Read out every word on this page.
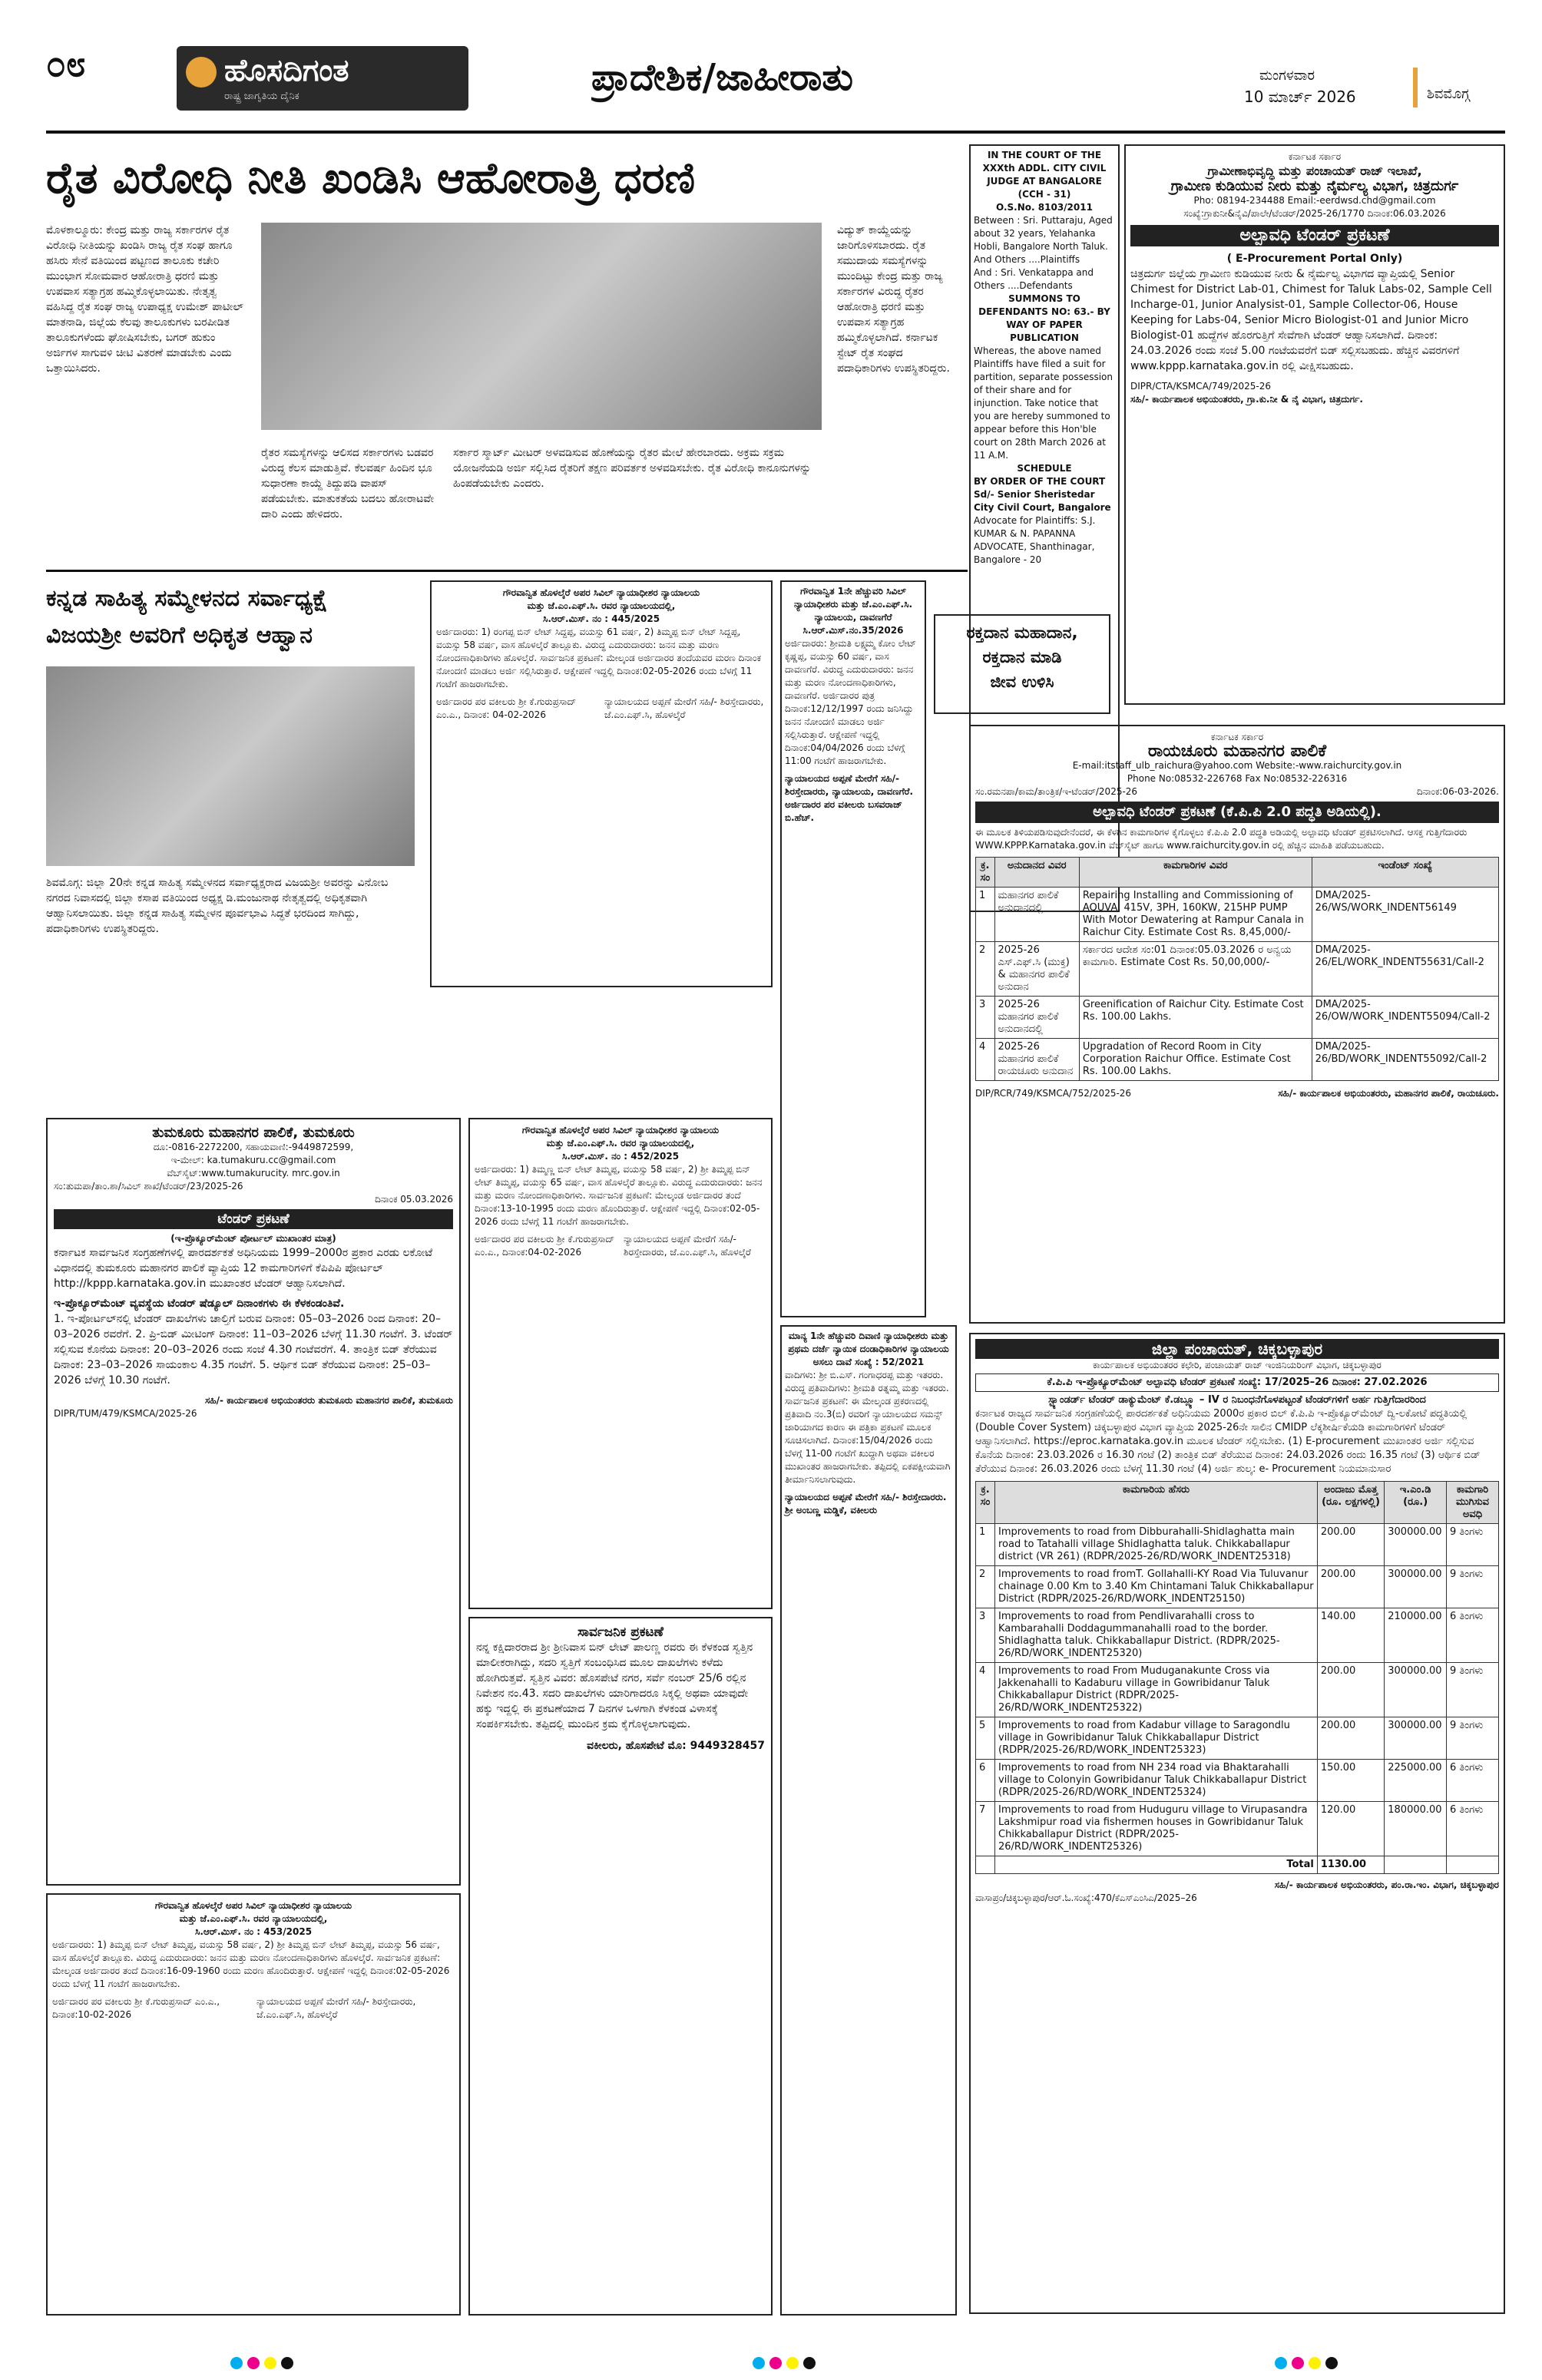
೦೮	ಹೊಸದಿಗಂತ
ರಾಷ್ಟ್ರ ಜಾಗೃತಿಯ ದೈನಿಕ	ಪ್ರಾದೇಶಿಕ/ಜಾಹೀರಾತು	ಮಂಗಳವಾರ
10 ಮಾರ್ಚ್ 2026	ಶಿವಮೊಗ್ಗ
ರೈತ ವಿರೋಧಿ ನೀತಿ ಖಂಡಿಸಿ ಆಹೋರಾತ್ರಿ ಧರಣಿ
ಮೊಳಕಾಲ್ಮೂರು: ಕೇಂದ್ರ ಮತ್ತು ರಾಜ್ಯ ಸರ್ಕಾರಗಳ ರೈತ ವಿರೋಧಿ ನೀತಿಯನ್ನು ಖಂಡಿಸಿ ರಾಜ್ಯ ರೈತ ಸಂಘ ಹಾಗೂ ಹಸಿರು ಸೇನೆ ವತಿಯಿಂದ ಪಟ್ಟಣದ ತಾಲೂಕು ಕಚೇರಿ ಮುಂಭಾಗ ಸೋಮವಾರ ಆಹೋರಾತ್ರಿ ಧರಣಿ ಮತ್ತು ಉಪವಾಸ ಸತ್ಯಾಗ್ರಹ ಹಮ್ಮಿಕೊಳ್ಳಲಾಯಿತು. ನೇತೃತ್ವ ವಹಿಸಿದ್ದ ರೈತ ಸಂಘ ರಾಜ್ಯ ಉಪಾಧ್ಯಕ್ಷ ಉಮೇಶ್ ಪಾಟೀಲ್ ಮಾತನಾಡಿ, ಜಿಲ್ಲೆಯ ಕೆಲವು ತಾಲೂಕುಗಳು ಬರಪೀಡಿತ ತಾಲೂಕುಗಳೆಂದು ಘೋಷಿಸಬೇಕು, ಬಗರ್ ಹುಕುಂ ಅರ್ಜಿಗಳ ಸಾಗುವಳಿ ಚೀಟಿ ವಿತರಣೆ ಮಾಡಬೇಕು ಎಂದು ಒತ್ತಾಯಿಸಿದರು.
ರೈತರ ಸಮಸ್ಯೆಗಳನ್ನು ಆಲಿಸದ ಸರ್ಕಾರಗಳು ಬಡವರ ವಿರುದ್ಧ ಕೆಲಸ ಮಾಡುತ್ತಿವೆ. ಕೆಲವರ್ಷ ಹಿಂದಿನ ಭೂ ಸುಧಾರಣಾ ಕಾಯ್ದೆ ತಿದ್ದುಪಡಿ ವಾಪಸ್ ಪಡೆಯಬೇಕು. ಮಾತುಕತೆಯ ಬದಲು ಹೋರಾಟವೇ ದಾರಿ ಎಂದು ಹೇಳಿದರು.
ಸರ್ಕಾರ ಸ್ಮಾರ್ಟ್ ಮೀಟರ್ ಅಳವಡಿಸುವ ಹೊಣೆಯನ್ನು ರೈತರ ಮೇಲೆ ಹೇರಬಾರದು. ಅಕ್ರಮ ಸಕ್ರಮ ಯೋಜನೆಯಡಿ ಅರ್ಜಿ ಸಲ್ಲಿಸಿದ ರೈತರಿಗೆ ತಕ್ಷಣ ಪರಿವರ್ತಕ ಅಳವಡಿಸಬೇಕು. ರೈತ ವಿರೋಧಿ ಕಾನೂನುಗಳನ್ನು ಹಿಂಪಡೆಯಬೇಕು ಎಂದರು.
ವಿದ್ಯುತ್ ಕಾಯ್ದೆಯನ್ನು ಜಾರಿಗೊಳಿಸಬಾರದು. ರೈತ ಸಮುದಾಯ ಸಮಸ್ಯೆಗಳನ್ನು ಮುಂದಿಟ್ಟು ಕೇಂದ್ರ ಮತ್ತು ರಾಜ್ಯ ಸರ್ಕಾರಗಳ ವಿರುದ್ಧ ರೈತರ ಆಹೋರಾತ್ರಿ ಧರಣಿ ಮತ್ತು ಉಪವಾಸ ಸತ್ಯಾಗ್ರಹ ಹಮ್ಮಿಕೊಳ್ಳಲಾಗಿದೆ. ಕರ್ನಾಟಕ ಸ್ಟೇಟ್ ರೈತ ಸಂಘದ ಪದಾಧಿಕಾರಿಗಳು ಉಪಸ್ಥಿತರಿದ್ದರು.
IN THE COURT OF THE XXXth ADDL. CITY CIVIL JUDGE AT BANGALORE (CCH - 31)
O.S.No. 8103/2011
Between : Sri. Puttaraju, Aged about 32 years, Yelahanka Hobli, Bangalore North Taluk. And Others ....Plaintiffs
And : Sri. Venkatappa and Others ....Defendants
SUMMONS TO DEFENDANTS NO: 63.- BY WAY OF PAPER PUBLICATION
Whereas, the above named Plaintiffs have filed a suit for partition, separate possession of their share and for injunction. Take notice that you are hereby summoned to appear before this Hon'ble court on 28th March 2026 at 11 A.M.
SCHEDULE
BY ORDER OF THE COURT Sd/- Senior Sheristedar City Civil Court, Bangalore
Advocate for Plaintiffs: S.J. KUMAR & N. PAPANNA ADVOCATE, Shanthinagar, Bangalore - 20
ಕರ್ನಾಟಕ ಸರ್ಕಾರ
ಗ್ರಾಮೀಣಾಭಿವೃದ್ಧಿ ಮತ್ತು ಪಂಚಾಯತ್ ರಾಜ್ ಇಲಾಖೆ,
ಗ್ರಾಮೀಣ ಕುಡಿಯುವ ನೀರು ಮತ್ತು ನೈರ್ಮಲ್ಯ ವಿಭಾಗ, ಚಿತ್ರದುರ್ಗ
Pho: 08194-234488 Email:-eerdwsd.chd@gmail.com
ಸಂಖ್ಯೆ:ಗ್ರಾಕುನೀ&ನೈವಿ/ಪಾಲೇ/ಟೆಂಡರ್/2025-26/1770 ದಿನಾಂಕ:06.03.2026
ಅಲ್ಪಾವಧಿ ಟೆಂಡರ್ ಪ್ರಕಟಣೆ
( E-Procurement Portal Only)
ಚಿತ್ರದುರ್ಗ ಜಿಲ್ಲೆಯ ಗ್ರಾಮೀಣ ಕುಡಿಯುವ ನೀರು & ನೈರ್ಮಲ್ಯ ವಿಭಾಗದ ವ್ಯಾಪ್ತಿಯಲ್ಲಿ Senior Chimest for District Lab-01, Chimest for Taluk Labs-02, Sample Cell Incharge-01, Junior Analysist-01, Sample Collector-06, House Keeping for Labs-04, Senior Micro Biologist-01 and Junior Micro Biologist-01 ಹುದ್ದೆಗಳ ಹೊರಗುತ್ತಿಗೆ ಸೇವೆಗಾಗಿ ಟೆಂಡರ್ ಆಹ್ವಾನಿಸಲಾಗಿದೆ. ದಿನಾಂಕ: 24.03.2026 ರಂದು ಸಂಜೆ 5.00 ಗಂಟೆಯವರೆಗೆ ಬಿಡ್ ಸಲ್ಲಿಸಬಹುದು. ಹೆಚ್ಚಿನ ವಿವರಗಳಿಗೆ www.kppp.karnataka.gov.in ರಲ್ಲಿ ವೀಕ್ಷಿಸಬಹುದು.
DIPR/CTA/KSMCA/749/2025-26
ಸಹಿ/- ಕಾರ್ಯಪಾಲಕ ಅಭಿಯಂತರರು, ಗ್ರಾ.ಕು.ನೀ & ನೈ ವಿಭಾಗ, ಚಿತ್ರದುರ್ಗ.
ಕನ್ನಡ ಸಾಹಿತ್ಯ ಸಮ್ಮೇಳನದ ಸರ್ವಾಧ್ಯಕ್ಷೆ
ವಿಜಯಶ್ರೀ ಅವರಿಗೆ ಅಧಿಕೃತ ಆಹ್ವಾನ
ಶಿವಮೊಗ್ಗ: ಜಿಲ್ಲಾ 20ನೇ ಕನ್ನಡ ಸಾಹಿತ್ಯ ಸಮ್ಮೇಳನದ ಸರ್ವಾಧ್ಯಕ್ಷರಾದ ವಿಜಯಶ್ರೀ ಅವರನ್ನು ವಿನೋಬ ನಗರದ ನಿವಾಸದಲ್ಲಿ ಜಿಲ್ಲಾ ಕಸಾಪ ವತಿಯಿಂದ ಅಧ್ಯಕ್ಷ ಡಿ.ಮಂಜುನಾಥ ನೇತೃತ್ವದಲ್ಲಿ ಅಧಿಕೃತವಾಗಿ ಆಹ್ವಾನಿಸಲಾಯಿತು. ಜಿಲ್ಲಾ ಕನ್ನಡ ಸಾಹಿತ್ಯ ಸಮ್ಮೇಳನ ಪೂರ್ವಭಾವಿ ಸಿದ್ಧತೆ ಭರದಿಂದ ಸಾಗಿದ್ದು, ಪದಾಧಿಕಾರಿಗಳು ಉಪಸ್ಥಿತರಿದ್ದರು.
ಗೌರವಾನ್ವಿತ ಹೊಳಲ್ಕೆರೆ ಅಪರ ಸಿವಿಲ್ ನ್ಯಾಯಾಧೀಶರ ನ್ಯಾಯಾಲಯ
ಮತ್ತು ಜೆ.ಎಂ.ಎಫ್.ಸಿ. ರವರ ನ್ಯಾಯಾಲಯದಲ್ಲಿ,
ಸಿ.ಆರ್.ಮಿಸ್. ನಂ : 445/2025
ಅರ್ಜಿದಾರರು: 1) ರಂಗಪ್ಪ ಬಿನ್ ಲೇಟ್ ಸಿದ್ದಪ್ಪ, ವಯಸ್ಸು 61 ವರ್ಷ, 2) ತಿಮ್ಮಪ್ಪ ಬಿನ್ ಲೇಟ್ ಸಿದ್ದಪ್ಪ, ವಯಸ್ಸು 58 ವರ್ಷ, ವಾಸ ಹೊಳಲ್ಕೆರೆ ತಾಲ್ಲೂಕು. ವಿರುದ್ಧ ಎದುರುದಾರರು: ಜನನ ಮತ್ತು ಮರಣ ನೋಂದಣಾಧಿಕಾರಿಗಳು ಹೊಳಲ್ಕೆರೆ. ಸಾರ್ವಜನಿಕ ಪ್ರಕಟಣೆ: ಮೇಲ್ಕಂಡ ಅರ್ಜಿದಾರರ ತಂದೆಯವರ ಮರಣ ದಿನಾಂಕ ನೋಂದಣಿ ಮಾಡಲು ಅರ್ಜಿ ಸಲ್ಲಿಸಿರುತ್ತಾರೆ. ಆಕ್ಷೇಪಣೆ ಇದ್ದಲ್ಲಿ ದಿನಾಂಕ:02-05-2026 ರಂದು ಬೆಳಗ್ಗೆ 11 ಗಂಟೆಗೆ ಹಾಜರಾಗಬೇಕು.
ಅರ್ಜಿದಾರರ ಪರ ವಕೀಲರು ಶ್ರೀ ಕೆ.ಗುರುಪ್ರಸಾದ್ ಎಂ.ಎ., ದಿನಾಂಕ: 04-02-2026
ನ್ಯಾಯಾಲಯದ ಅಪ್ಪಣೆ ಮೇರೆಗೆ ಸಹಿ/- ಶಿರಸ್ತೇದಾರರು, ಜೆ.ಎಂ.ಎಫ್.ಸಿ, ಹೊಳಲ್ಕೆರೆ
ಗೌರವಾನ್ವಿತ 1ನೇ ಹೆಚ್ಚುವರಿ ಸಿವಿಲ್ ನ್ಯಾಯಾಧೀಶರು ಮತ್ತು ಜೆ.ಎಂ.ಎಫ್.ಸಿ. ನ್ಯಾಯಾಲಯ, ದಾವಣಗೆರೆ
ಸಿ.ಆರ್.ಮಿಸ್.ನಂ.35/2026
ಅರ್ಜಿದಾರರು: ಶ್ರೀಮತಿ ಲಕ್ಷ್ಮಮ್ಮ ಕೋಂ ಲೇಟ್ ಕೃಷ್ಣಪ್ಪ, ವಯಸ್ಸು 60 ವರ್ಷ, ವಾಸ ದಾವಣಗೆರೆ. ವಿರುದ್ಧ ಎದುರುದಾರರು: ಜನನ ಮತ್ತು ಮರಣ ನೋಂದಣಾಧಿಕಾರಿಗಳು, ದಾವಣಗೆರೆ. ಅರ್ಜಿದಾರರ ಪುತ್ರ ದಿನಾಂಕ:12/12/1997 ರಂದು ಜನಿಸಿದ್ದು ಜನನ ನೋಂದಣಿ ಮಾಡಲು ಅರ್ಜಿ ಸಲ್ಲಿಸಿರುತ್ತಾರೆ. ಆಕ್ಷೇಪಣೆ ಇದ್ದಲ್ಲಿ ದಿನಾಂಕ:04/04/2026 ರಂದು ಬೆಳಗ್ಗೆ 11:00 ಗಂಟೆಗೆ ಹಾಜರಾಗಬೇಕು.
ನ್ಯಾಯಾಲಯದ ಅಪ್ಪಣೆ ಮೇರೆಗೆ ಸಹಿ/- ಶಿರಸ್ತೇದಾರರು, ನ್ಯಾಯಾಲಯ, ದಾವಣಗೆರೆ. ಅರ್ಜಿದಾರರ ಪರ ವಕೀಲರು ಬಸವರಾಜ್ ಬಿ.ಹೆಚ್.
ರಕ್ತದಾನ ಮಹಾದಾನ,
ರಕ್ತದಾನ ಮಾಡಿ
ಜೀವ ಉಳಿಸಿ
ಕರ್ನಾಟಕ ಸರ್ಕಾರ
ರಾಯಚೂರು ಮಹಾನಗರ ಪಾಲಿಕೆ
E-mail:itstaff_ulb_raichura@yahoo.com Website:-www.raichurcity.gov.in
Phone No:08532-226768 Fax No:08532-226316
ಸಂ.ರಮನಪಾ/ಕಾಮ/ತಾಂತ್ರಿಕ/ಇ-ಟೆಂಡರ್/2025-26	ದಿನಾಂಕ:06-03-2026.
ಅಲ್ಪಾವಧಿ ಟೆಂಡರ್ ಪ್ರಕಟಣೆ (ಕೆ.ಪಿ.ಪಿ 2.0 ಪದ್ಧತಿ ಅಡಿಯಲ್ಲಿ).
ಈ ಮೂಲಕ ತಿಳಿಯಪಡಿಸುವುದೇನೆಂದರೆ, ಈ ಕೆಳಗಿನ ಕಾಮಗಾರಿಗಳ ಕೈಗೊಳ್ಳಲು ಕೆ.ಪಿ.ಪಿ 2.0 ಪದ್ಧತಿ ಅಡಿಯಲ್ಲಿ ಅಲ್ಪಾವಧಿ ಟೆಂಡರ್ ಪ್ರಕಟಿಸಲಾಗಿದೆ. ಆಸಕ್ತ ಗುತ್ತಿಗೆದಾರರು WWW.KPPP.Karnataka.gov.in ವೆಬ್‌ಸೈಟ್ ಹಾಗೂ www.raichurcity.gov.in ರಲ್ಲಿ ಹೆಚ್ಚಿನ ಮಾಹಿತಿ ಪಡೆಯಬಹುದು.
ಕ್ರ. ಸಂ	ಅನುದಾನದ ವಿವರ	ಕಾಮಗಾರಿಗಳ ವಿವರ	ಇಂಡೆಂಟ್ ಸಂಖ್ಯೆ
1	ಮಹಾನಗರ ಪಾಲಿಕೆ ಅನುದಾನದಲ್ಲಿ	Repairing Installing and Commissioning of AQUVA, 415V, 3PH, 160KW, 215HP PUMP With Motor Dewatering at Rampur Canala in Raichur City. Estimate Cost Rs. 8,45,000/-	DMA/2025-26/WS/WORK_INDENT56149
2	2025-26 ಎಸ್.ಎಫ್.ಸಿ (ಮುಕ್ತ) & ಮಹಾನಗರ ಪಾಲಿಕೆ ಅನುದಾನ	ಸರ್ಕಾರದ ಆದೇಶ ಸಂ:01 ದಿನಾಂಕ:05.03.2026 ರ ಅನ್ವಯ ಕಾಮಗಾರಿ. Estimate Cost Rs. 50,00,000/-	DMA/2025-26/EL/WORK_INDENT55631/Call-2
3	2025-26 ಮಹಾನಗರ ಪಾಲಿಕೆ ಅನುದಾನದಲ್ಲಿ	Greenification of Raichur City. Estimate Cost Rs. 100.00 Lakhs.	DMA/2025-26/OW/WORK_INDENT55094/Call-2
4	2025-26 ಮಹಾನಗರ ಪಾಲಿಕೆ ರಾಯಚೂರು ಅನುದಾನ	Upgradation of Record Room in City Corporation Raichur Office. Estimate Cost Rs. 100.00 Lakhs.	DMA/2025-26/BD/WORK_INDENT55092/Call-2
DIP/RCR/749/KSMCA/752/2025-26	ಸಹಿ/- ಕಾರ್ಯಪಾಲಕ ಅಭಿಯಂತರರು, ಮಹಾನಗರ ಪಾಲಿಕೆ, ರಾಯಚೂರು.
ತುಮಕೂರು ಮಹಾನಗರ ಪಾಲಿಕೆ, ತುಮಕೂರು
ದೂ:-0816-2272200, ಸಹಾಯವಾಣಿ:-9449872599,
ಇ-ಮೇಲ್: ka.tumakuru.cc@gmail.com
ವೆಬ್‌ಸೈಟ್:www.tumakurucity. mrc.gov.in
ಸಂ:ತುಮಪಾ/ತಾಂ.ಶಾ/ಸಿವಿಲ್ ಶಾಖೆ/ಟೆಂಡರ್/23/2025-26
ದಿನಾಂಕ 05.03.2026
ಟೆಂಡರ್ ಪ್ರಕಟಣೆ
(ಇ-ಪ್ರೊಕ್ಯೂರ್‌ಮೆಂಟ್ ಪೋರ್ಟಲ್ ಮುಖಾಂತರ ಮಾತ್ರ)
ಕರ್ನಾಟಕ ಸಾರ್ವಜನಿಕ ಸಂಗ್ರಹಣೆಗಳಲ್ಲಿ ಪಾರದರ್ಶಕತೆ ಅಧಿನಿಯಮ 1999–2000ರ ಪ್ರಕಾರ ಎರಡು ಲಕೋಟೆ ವಿಧಾನದಲ್ಲಿ ತುಮಕೂರು ಮಹಾನಗರ ಪಾಲಿಕೆ ವ್ಯಾಪ್ತಿಯ 12 ಕಾಮಗಾರಿಗಳಿಗೆ ಕೆಪಿಪಿಪಿ ಪೋರ್ಟಲ್ http://kppp.karnataka.gov.in ಮುಖಾಂತರ ಟೆಂಡರ್ ಆಹ್ವಾನಿಸಲಾಗಿದೆ.
ಇ-ಪ್ರೊಕ್ಯೂರ್‌ಮೆಂಟ್ ವ್ಯವಸ್ಥೆಯ ಟೆಂಡರ್ ಷೆಡ್ಯೂಲ್ ದಿನಾಂಕಗಳು ಈ ಕೆಳಕಂಡಂತಿವೆ.
1. ಇ-ಪೋರ್ಟಲ್‌ನಲ್ಲಿ ಟೆಂಡರ್ ದಾಖಲೆಗಳು ಚಾಲ್ತಿಗೆ ಬರುವ ದಿನಾಂಕ: 05–03–2026 ರಿಂದ ದಿನಾಂಕ: 20–03–2026 ರವರೆಗೆ. 2. ಪ್ರಿ-ಬಿಡ್ ಮೀಟಿಂಗ್ ದಿನಾಂಕ: 11–03–2026 ಬೆಳಗ್ಗೆ 11.30 ಗಂಟೆಗೆ. 3. ಟೆಂಡರ್ ಸಲ್ಲಿಸುವ ಕೊನೆಯ ದಿನಾಂಕ: 20–03–2026 ರಂದು ಸಂಜೆ 4.30 ಗಂಟೆವರೆಗೆ. 4. ತಾಂತ್ರಿಕ ಬಿಡ್ ತೆರೆಯುವ ದಿನಾಂಕ: 23–03–2026 ಸಾಯಂಕಾಲ 4.35 ಗಂಟೆಗೆ. 5. ಆರ್ಥಿಕ ಬಿಡ್ ತೆರೆಯುವ ದಿನಾಂಕ: 25–03–2026 ಬೆಳಗ್ಗೆ 10.30 ಗಂಟೆಗೆ.
ಸಹಿ/- ಕಾರ್ಯಪಾಲಕ ಅಭಿಯಂತರರು ತುಮಕೂರು ಮಹಾನಗರ ಪಾಲಿಕೆ, ತುಮಕೂರು
DIPR/TUM/479/KSMCA/2025-26
ಗೌರವಾನ್ವಿತ ಹೊಳಲ್ಕೆರೆ ಅಪರ ಸಿವಿಲ್ ನ್ಯಾಯಾಧೀಶರ ನ್ಯಾಯಾಲಯ
ಮತ್ತು ಜೆ.ಎಂ.ಎಫ್.ಸಿ. ರವರ ನ್ಯಾಯಾಲಯದಲ್ಲಿ,
ಸಿ.ಆರ್.ಮಿಸ್. ನಂ : 452/2025
ಅರ್ಜಿದಾರರು: 1) ತಿಮ್ಮಣ್ಣ ಬಿನ್ ಲೇಟ್ ತಿಮ್ಮಪ್ಪ, ವಯಸ್ಸು 58 ವರ್ಷ, 2) ಶ್ರೀ ತಿಮ್ಮಪ್ಪ ಬಿನ್ ಲೇಟ್ ತಿಮ್ಮಪ್ಪ, ವಯಸ್ಸು 65 ವರ್ಷ, ವಾಸ ಹೊಳಲ್ಕೆರೆ ತಾಲ್ಲೂಕು. ವಿರುದ್ಧ ಎದುರುದಾರರು: ಜನನ ಮತ್ತು ಮರಣ ನೋಂದಣಾಧಿಕಾರಿಗಳು. ಸಾರ್ವಜನಿಕ ಪ್ರಕಟಣೆ: ಮೇಲ್ಕಂಡ ಅರ್ಜಿದಾರರ ತಂದೆ ದಿನಾಂಕ:13-10-1995 ರಂದು ಮರಣ ಹೊಂದಿರುತ್ತಾರೆ. ಆಕ್ಷೇಪಣೆ ಇದ್ದಲ್ಲಿ ದಿನಾಂಕ:02-05-2026 ರಂದು ಬೆಳಗ್ಗೆ 11 ಗಂಟೆಗೆ ಹಾಜರಾಗಬೇಕು.
ಅರ್ಜಿದಾರರ ಪರ ವಕೀಲರು ಶ್ರೀ ಕೆ.ಗುರುಪ್ರಸಾದ್ ಎಂ.ಎ., ದಿನಾಂಕ:04-02-2026
ನ್ಯಾಯಾಲಯದ ಅಪ್ಪಣೆ ಮೇರೆಗೆ ಸಹಿ/- ಶಿರಸ್ತೇದಾರರು, ಜೆ.ಎಂ.ಎಫ್.ಸಿ, ಹೊಳಲ್ಕೆರೆ
ಮಾನ್ಯ 1ನೇ ಹೆಚ್ಚುವರಿ ದಿವಾಣಿ ನ್ಯಾಯಾಧೀಶರು ಮತ್ತು ಪ್ರಥಮ ದರ್ಜೆ ನ್ಯಾಯಿಕ ದಂಡಾಧಿಕಾರಿಗಳ ನ್ಯಾಯಾಲಯ
ಅಸಲು ದಾವೆ ಸಂಖ್ಯೆ : 52/2021
ವಾದಿಗಳು: ಶ್ರೀ ಬಿ.ಎಸ್. ಗಂಗಾಧರಪ್ಪ ಮತ್ತು ಇತರರು. ವಿರುದ್ಧ ಪ್ರತಿವಾದಿಗಳು: ಶ್ರೀಮತಿ ರತ್ನಮ್ಮ ಮತ್ತು ಇತರರು. ಸಾರ್ವಜನಿಕ ಪ್ರಕಟಣೆ: ಈ ಮೇಲ್ಕಂಡ ಪ್ರಕರಣದಲ್ಲಿ ಪ್ರತಿವಾದಿ ನಂ.3(ಬಿ) ರವರಿಗೆ ನ್ಯಾಯಾಲಯದ ಸಮನ್ಸ್ ಜಾರಿಯಾಗದ ಕಾರಣ ಈ ಪತ್ರಿಕಾ ಪ್ರಕಟಣೆ ಮೂಲಕ ಸೂಚಿಸಲಾಗಿದೆ. ದಿನಾಂಕ:15/04/2026 ರಂದು ಬೆಳಗ್ಗೆ 11-00 ಗಂಟೆಗೆ ಖುದ್ದಾಗಿ ಅಥವಾ ವಕೀಲರ ಮುಖಾಂತರ ಹಾಜರಾಗಬೇಕು. ತಪ್ಪಿದಲ್ಲಿ ಏಕಪಕ್ಷೀಯವಾಗಿ ತೀರ್ಮಾನಿಸಲಾಗುವುದು.
ನ್ಯಾಯಾಲಯದ ಅಪ್ಪಣೆ ಮೇರೆಗೆ ಸಹಿ/- ಶಿರಸ್ತೇದಾರರು. ಶ್ರೀ ಅಂಬಣ್ಣ ಮಡ್ಡಿಕೆ, ವಕೀಲರು
ಜಿಲ್ಲಾ ಪಂಚಾಯತ್, ಚಿಕ್ಕಬಳ್ಳಾಪುರ
ಕಾರ್ಯಪಾಲಕ ಅಭಿಯಂತರರ ಕಛೇರಿ, ಪಂಚಾಯತ್ ರಾಜ್ ಇಂಜಿನಿಯರಿಂಗ್ ವಿಭಾಗ, ಚಿಕ್ಕಬಳ್ಳಾಪುರ
ಕೆ.ಪಿ.ಪಿ ಇ-ಪ್ರೊಕ್ಯೂರ್‌ಮೆಂಟ್ ಅಲ್ಪಾವಧಿ ಟೆಂಡರ್ ಪ್ರಕಟಣೆ ಸಂಖ್ಯೆ: 17/2025–26 ದಿನಾಂಕ: 27.02.2026
ಸ್ಟ್ಯಾಂಡರ್ಡ್ ಟೆಂಡರ್ ಡಾಕ್ಯುಮೆಂಟ್ ಕೆ.ಡಬ್ಲ್ಯೂ – IV ರ ನಿಬಂಧನೆಗೊಳಪಟ್ಟಂತೆ ಟೆಂಡರ್‌ಗಳಿಗೆ ಅರ್ಹ ಗುತ್ತಿಗೆದಾರರಿಂದ
ಕರ್ನಾಟಕ ರಾಜ್ಯದ ಸಾರ್ವಜನಿಕ ಸಂಗ್ರಹಣೆಯಲ್ಲಿ ಪಾರದರ್ಶಕತೆ ಅಧಿನಿಯಮ 2000ರ ಪ್ರಕಾರ ಬಿಲ್ ಕೆ.ಪಿ.ಪಿ ಇ-ಪ್ರೊಕ್ಯೂರ್‌ಮೆಂಟ್ ದ್ವಿ-ಲಕೋಟೆ ಪದ್ಧತಿಯಲ್ಲಿ (Double Cover System) ಚಿಕ್ಕಬಳ್ಳಾಪುರ ವಿಭಾಗ ವ್ಯಾಪ್ತಿಯ 2025-26ನೇ ಸಾಲಿನ CMIDP ಲೆಕ್ಕಶೀರ್ಷಿಕೆಯಡಿ ಕಾಮಗಾರಿಗಳಿಗೆ ಟೆಂಡರ್ ಆಹ್ವಾನಿಸಲಾಗಿದೆ. https://eproc.karnataka.gov.in ಮೂಲಕ ಟೆಂಡರ್ ಸಲ್ಲಿಸಬೇಕು. (1) E-procurement ಮುಖಾಂತರ ಅರ್ಜಿ ಸಲ್ಲಿಸುವ ಕೊನೆಯ ದಿನಾಂಕ: 23.03.2026 ರ 16.30 ಗಂಟೆ (2) ತಾಂತ್ರಿಕ ಬಿಡ್ ತೆರೆಯುವ ದಿನಾಂಕ: 24.03.2026 ರಂದು 16.35 ಗಂಟೆ (3) ಆರ್ಥಿಕ ಬಿಡ್ ತೆರೆಯುವ ದಿನಾಂಕ: 26.03.2026 ರಂದು ಬೆಳಗ್ಗೆ 11.30 ಗಂಟೆ (4) ಅರ್ಜಿ ಶುಲ್ಕ: e- Procurement ನಿಯಮಾನುಸಾರ
ಕ್ರ. ಸಂ	ಕಾಮಗಾರಿಯ ಹೆಸರು	ಅಂದಾಜು ಮೊತ್ತ (ರೂ. ಲಕ್ಷಗಳಲ್ಲಿ)	ಇ.ಎಂ.ಡಿ (ರೂ.)	ಕಾಮಗಾರಿ ಮುಗಿಸುವ ಅವಧಿ
1	Improvements to road from Dibburahalli-Shidlaghatta main road to Tatahalli village Shidlaghatta taluk. Chikkaballapur district (VR 261) (RDPR/2025-26/RD/WORK_INDENT25318)	200.00	300000.00	9 ತಿಂಗಳು
2	Improvements to road fromT. Gollahalli-KY Road Via Tuluvanur chainage 0.00 Km to 3.40 Km Chintamani Taluk Chikkaballapur District (RDPR/2025-26/RD/WORK_INDENT25150)	200.00	300000.00	9 ತಿಂಗಳು
3	Improvements to road from Pendlivarahalli cross to Kambarahalli Doddagummanahalli road to the border. Shidlaghatta taluk. Chikkaballapur District. (RDPR/2025-26/RD/WORK_INDENT25320)	140.00	210000.00	6 ತಿಂಗಳು
4	Improvements to road From Muduganakunte Cross via Jakkenahalli to Kadaburu village in Gowribidanur Taluk Chikkaballapur District (RDPR/2025-26/RD/WORK_INDENT25322)	200.00	300000.00	9 ತಿಂಗಳು
5	Improvements to road from Kadabur village to Saragondlu village in Gowribidanur Taluk Chikkaballapur District (RDPR/2025-26/RD/WORK_INDENT25323)	200.00	300000.00	9 ತಿಂಗಳು
6	Improvements to road from NH 234 road via Bhaktarahalli village to Colonyin Gowribidanur Taluk Chikkaballapur District (RDPR/2025-26/RD/WORK_INDENT25324)	150.00	225000.00	6 ತಿಂಗಳು
7	Improvements to road from Huduguru village to Virupasandra Lakshmipur road via fishermen houses in Gowribidanur Taluk Chikkaballapur District (RDPR/2025-26/RD/WORK_INDENT25326)	120.00	180000.00	6 ತಿಂಗಳು
	Total	1130.00		
ಸಹಿ/- ಕಾರ್ಯಪಾಲಕ ಅಭಿಯಂತರರು, ಪಂ.ರಾ.ಇಂ. ವಿಭಾಗ, ಚಿಕ್ಕಬಳ್ಳಾಪುರ
ವಾಸಾಪ್ರಂ/ಚಿಕ್ಕಬಳ್ಳಾಪುರ/ಆರ್.ಓ.ಸಂಖ್ಯೆ:470/ಕೆಎಸ್‌ಎಂಸಿಎ/2025–26
ಸಾರ್ವಜನಿಕ ಪ್ರಕಟಣೆ
ನನ್ನ ಕಕ್ಷಿದಾರರಾದ ಶ್ರೀ ಶ್ರೀನಿವಾಸ ಬಿನ್ ಲೇಟ್ ಪಾಲಣ್ಣ ರವರು ಈ ಕೆಳಕಂಡ ಸ್ವತ್ತಿನ ಮಾಲೀಕರಾಗಿದ್ದು, ಸದರಿ ಸ್ವತ್ತಿಗೆ ಸಂಬಂಧಿಸಿದ ಮೂಲ ದಾಖಲೆಗಳು ಕಳೆದು ಹೋಗಿರುತ್ತವೆ. ಸ್ವತ್ತಿನ ವಿವರ: ಹೊಸಪೇಟೆ ನಗರ, ಸರ್ವೆ ನಂಬರ್ 25/6 ರಲ್ಲಿನ ನಿವೇಶನ ನಂ.43. ಸದರಿ ದಾಖಲೆಗಳು ಯಾರಿಗಾದರೂ ಸಿಕ್ಕಲ್ಲಿ ಅಥವಾ ಯಾವುದೇ ಹಕ್ಕು ಇದ್ದಲ್ಲಿ ಈ ಪ್ರಕಟಣೆಯಾದ 7 ದಿನಗಳ ಒಳಗಾಗಿ ಕೆಳಕಂಡ ವಿಳಾಸಕ್ಕೆ ಸಂಪರ್ಕಿಸಬೇಕು. ತಪ್ಪಿದಲ್ಲಿ ಮುಂದಿನ ಕ್ರಮ ಕೈಗೊಳ್ಳಲಾಗುವುದು.
ವಕೀಲರು, ಹೊಸಪೇಟೆ ಮೊ: 9449328457
ಗೌರವಾನ್ವಿತ ಹೊಳಲ್ಕೆರೆ ಅಪರ ಸಿವಿಲ್ ನ್ಯಾಯಾಧೀಶರ ನ್ಯಾಯಾಲಯ
ಮತ್ತು ಜೆ.ಎಂ.ಎಫ್.ಸಿ. ರವರ ನ್ಯಾಯಾಲಯದಲ್ಲಿ,
ಸಿ.ಆರ್.ಮಿಸ್. ನಂ : 453/2025
ಅರ್ಜಿದಾರರು: 1) ತಿಮ್ಮಪ್ಪ ಬಿನ್ ಲೇಟ್ ತಿಮ್ಮಪ್ಪ, ವಯಸ್ಸು 58 ವರ್ಷ, 2) ಶ್ರೀ ತಿಮ್ಮಪ್ಪ ಬಿನ್ ಲೇಟ್ ತಿಮ್ಮಪ್ಪ, ವಯಸ್ಸು 56 ವರ್ಷ, ವಾಸ ಹೊಳಲ್ಕೆರೆ ತಾಲ್ಲೂಕು. ವಿರುದ್ಧ ಎದುರುದಾರರು: ಜನನ ಮತ್ತು ಮರಣ ನೋಂದಣಾಧಿಕಾರಿಗಳು ಹೊಳಲ್ಕೆರೆ. ಸಾರ್ವಜನಿಕ ಪ್ರಕಟಣೆ: ಮೇಲ್ಕಂಡ ಅರ್ಜಿದಾರರ ತಂದೆ ದಿನಾಂಕ:16-09-1960 ರಂದು ಮರಣ ಹೊಂದಿರುತ್ತಾರೆ. ಆಕ್ಷೇಪಣೆ ಇದ್ದಲ್ಲಿ ದಿನಾಂಕ:02-05-2026 ರಂದು ಬೆಳಗ್ಗೆ 11 ಗಂಟೆಗೆ ಹಾಜರಾಗಬೇಕು.
ಅರ್ಜಿದಾರರ ಪರ ವಕೀಲರು ಶ್ರೀ ಕೆ.ಗುರುಪ್ರಸಾದ್ ಎಂ.ಎ., ದಿನಾಂಕ:10-02-2026
ನ್ಯಾಯಾಲಯದ ಅಪ್ಪಣೆ ಮೇರೆಗೆ ಸಹಿ/- ಶಿರಸ್ತೇದಾರರು, ಜೆ.ಎಂ.ಎಫ್.ಸಿ, ಹೊಳಲ್ಕೆರೆ
